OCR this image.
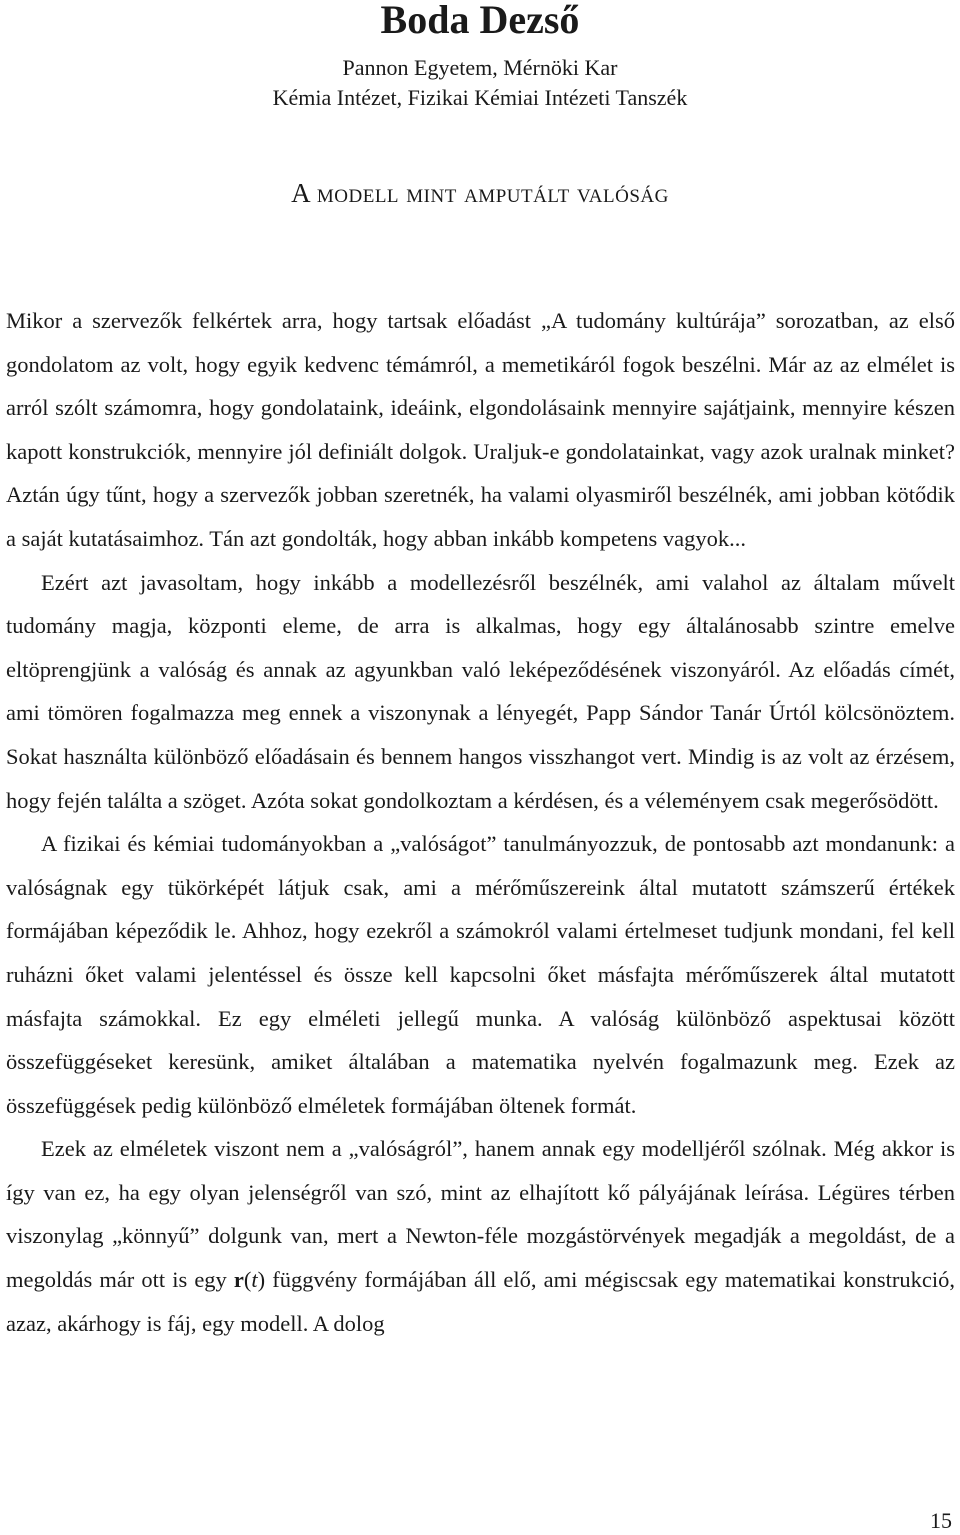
Boda Dezső

Pannon Egyetem, Mérnöki Kar

Kémia Intézet, Fizikai Kémiai Intézeti Tanszék

A modell mint amputált valóság

Mikor a szervezők felkértek arra, hogy tartsak előadást „A tudomány kultúrája” sorozatban, az első gondolatom az volt, hogy egyik kedvenc témámról, a memetikáról fogok beszélni. Már az az elmélet is arról szólt számomra, hogy gondolataink, ideáink, elgondolásaink mennyire sajátjaink, mennyire készen kapott konstrukciók, mennyire jól definiált dolgok. Uraljuk-e gondolatainkat, vagy azok uralnak minket? Aztán úgy tűnt, hogy a szervezők jobban szeretnék, ha valami olyasmiről beszélnék, ami jobban kötődik a saját kutatásaimhoz. Tán azt gondolták, hogy abban inkább kompetens vagyok...

Ezért azt javasoltam, hogy inkább a modellezésről beszélnék, ami valahol az általam művelt tudomány magja, központi eleme, de arra is alkalmas, hogy egy általánosabb szintre emelve eltöprengjünk a valóság és annak az agyunkban való leképeződésének viszonyáról. Az előadás címét, ami tömören fogalmazza meg ennek a viszonynak a lényegét, Papp Sándor Tanár Úrtól kölcsönöztem. Sokat használta különböző előadásain és bennem hangos visszhangot vert. Mindig is az volt az érzésem, hogy fején találta a szöget. Azóta sokat gondolkoztam a kérdésen, és a véleményem csak megerősödött.

A fizikai és kémiai tudományokban a „valóságot” tanulmányozzuk, de pontosabb azt mondanunk: a valóságnak egy tükörképét látjuk csak, ami a mérőműszereink által mutatott számszerű értékek formájában képeződik le. Ahhoz, hogy ezekről a számokról valami értelmeset tudjunk mondani, fel kell ruházni őket valami jelentéssel és össze kell kapcsolni őket másfajta mérőműszerek által mutatott másfajta számokkal. Ez egy elméleti jellegű munka. A valóság különböző aspektusai között összefüggéseket keresünk, amiket általában a matematika nyelvén fogalmazunk meg. Ezek az összefüggések pedig különböző elméletek formájában öltenek formát.

Ezek az elméletek viszont nem a „valóságról”, hanem annak egy modelljéről szólnak. Még akkor is így van ez, ha egy olyan jelenségről van szó, mint az elhajított kő pályájának leírása. Légüres térben viszonylag „könnyű” dolgunk van, mert a Newton-féle mozgástörvények megadják a megoldást, de a megoldás már ott is egy r(t) függvény formájában áll elő, ami mégiscsak egy matematikai konstrukció, azaz, akárhogy is fáj, egy modell. A dolog

15
